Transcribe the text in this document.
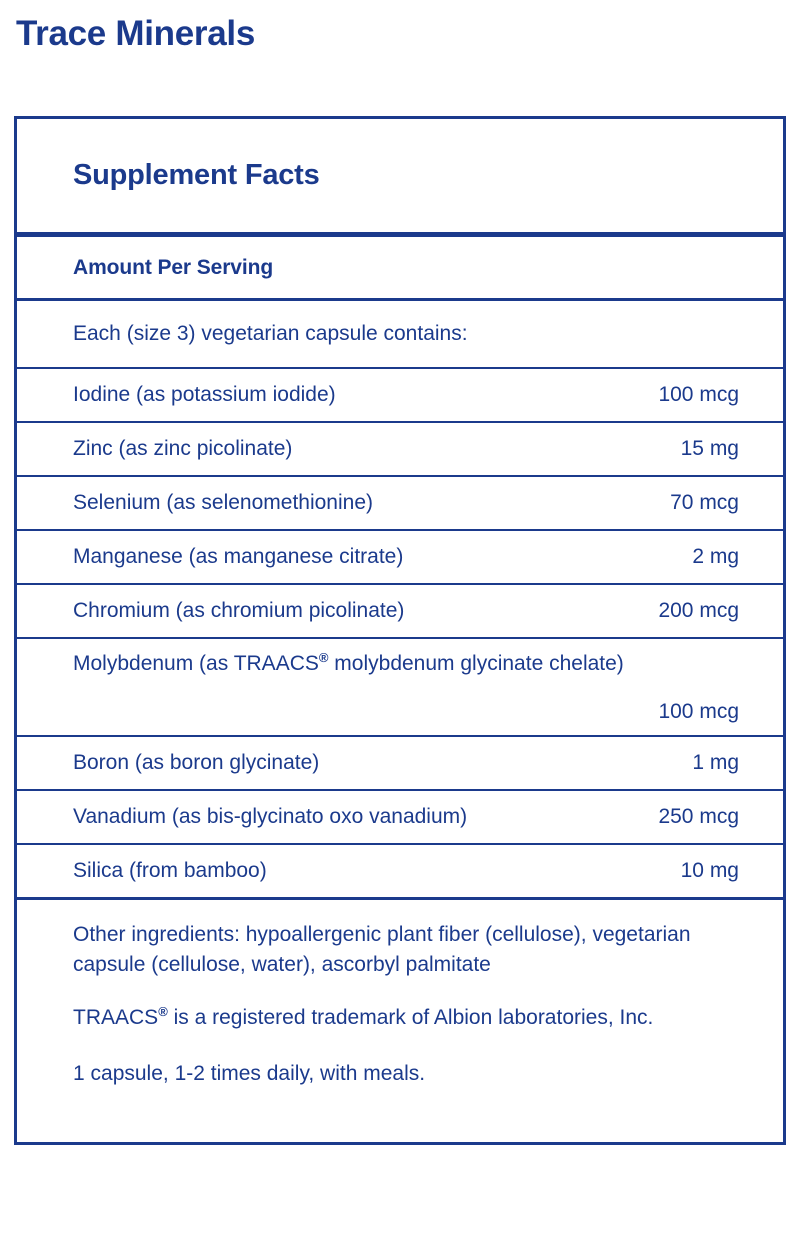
Trace Minerals
Supplement Facts
Amount Per Serving
Each (size 3) vegetarian capsule contains:
Iodine (as potassium iodide)	100 mcg
Zinc (as zinc picolinate)	15 mg
Selenium (as selenomethionine)	70 mcg
Manganese (as manganese citrate)	2 mg
Chromium (as chromium picolinate)	200 mcg
Molybdenum (as TRAACS® molybdenum glycinate chelate)
100 mcg
Boron (as boron glycinate)	1 mg
Vanadium (as bis-glycinato oxo vanadium)	250 mcg
Silica (from bamboo)	10 mg

Other ingredients: hypoallergenic plant fiber (cellulose), vegetarian capsule (cellulose, water), ascorbyl palmitate

TRAACS® is a registered trademark of Albion laboratories, Inc.

1 capsule, 1-2 times daily, with meals.
